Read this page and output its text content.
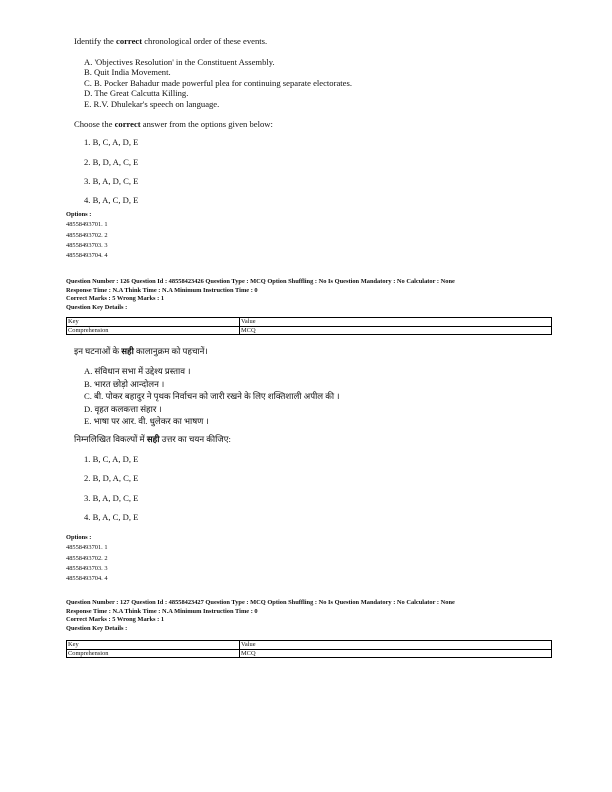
Identify the correct chronological order of these events.

A. 'Objectives Resolution' in the Constituent Assembly.
B. Quit India Movement.
C. B. Pocker Bahadur made powerful plea for continuing separate electorates.
D. The Great Calcutta Killing.
E. R.V. Dhulekar's speech on language.

Choose the correct answer from the options given below:

1. B, C, A, D, E
2. B, D, A, C, E
3. B, A, D, C, E
4. B, A, C, D, E
Options :
48558493701. 1
48558493702. 2
48558493703. 3
48558493704. 4
Question Number : 126 Question Id : 48558423426 Question Type : MCQ Option Shuffling : No Is Question Mandatory : No Calculator : None
Response Time : N.A Think Time : N.A Minimum Instruction Time : 0
Correct Marks : 5 Wrong Marks : 1
Question Key Details :
Key	Value
Comprehension	MCQ

इन घटनाओं के सही कालानुक्रम को पहचानें।

A. संविधान सभा में उद्देश्य प्रस्ताव ।
B. भारत छोड़ो आन्दोलन ।
C. बी. पोकर बहादुर ने पृथक निर्वाचन को जारी रखने के लिए शक्तिशाली अपील की ।
D. वृहत कलकत्ता संहार ।
E. भाषा पर आर. वी. धुलेकर का भाषण ।

निम्नलिखित विकल्पों में सही उत्तर का चयन कीजिए:

1. B, C, A, D, E
2. B, D, A, C, E
3. B, A, D, C, E
4. B, A, C, D, E
Options :
48558493701. 1
48558493702. 2
48558493703. 3
48558493704. 4
Question Number : 127 Question Id : 48558423427 Question Type : MCQ Option Shuffling : No Is Question Mandatory : No Calculator : None
Response Time : N.A Think Time : N.A Minimum Instruction Time : 0
Correct Marks : 5 Wrong Marks : 1
Question Key Details :
Key	Value
Comprehension	MCQ
